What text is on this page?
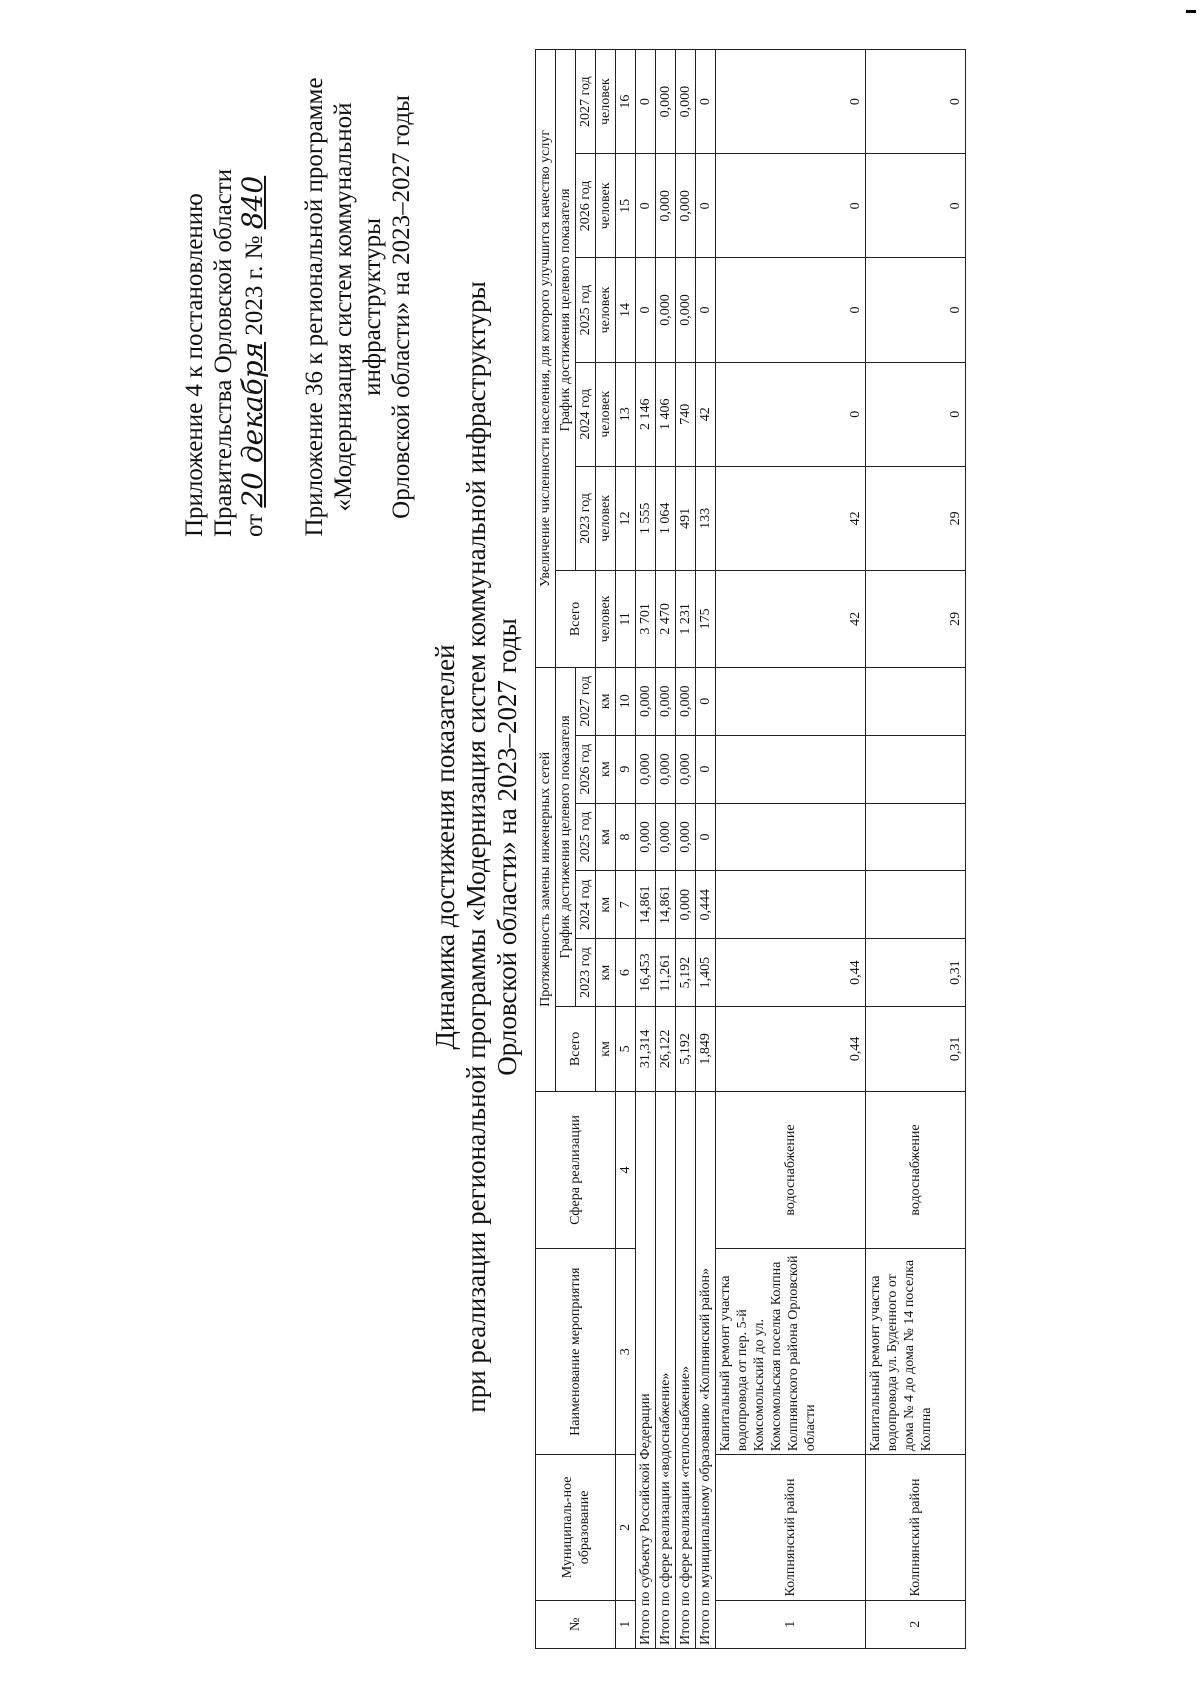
Приложение 4 к постановлению Правительства Орловской области от 20 декабря 2023 г. № 840 Приложение 36 к региональной программе «Модернизация систем коммунальной инфраструктуры Орловской области» на 2023–2027 годы
Динамика достижения показателей при реализации региональной программы «Модернизация систем коммунальной инфраструктуры Орловской области» на 2023–2027 годы
№	Муниципаль-ное образование	Наименование мероприятия	Сфера реализации	Протяженность замены инженерных сетей						Увеличение численности населения, для которого улучшится качество услуг					
				Всего	График достижения целевого показателя					Всего	График достижения целевого показателя				
					2023 год	2024 год	2025 год	2026 год	2027 год		2023 год	2024 год	2025 год	2026 год	2027 год
				км	км	км	км	км	км	человек	человек	человек	человек	человек	человек
1	2	3	4	5	6	7	8	9	10	11	12	13	14	15	16
Итого по субъекту Российской Федерации				31,314	16,453	14,861	0,000	0,000	0,000	3 701	1 555	2 146	0	0	0
Итого по сфере реализации «водоснабжение»				26,122	11,261	14,861	0,000	0,000	0,000	2 470	1 064	1 406	0,000	0,000	0,000
Итого по сфере реализации «теплоснабжение»				5,192	5,192	0,000	0,000	0,000	0,000	1 231	491	740	0,000	0,000	0,000
Итого по муниципальному образованию «Колпнянский район»				1,849	1,405	0,444	0	0	0	175	133	42	0	0	0
1	Колпнянский район	Капитальный ремонт участка водопровода от пер. 5-й Комсомольский до ул. Комсомольская поселка Колпна Колпнянского района Орловской области	водоснабжение	0,44	0,44					42	42	0	0	0	0
2	Колпнянский район	Капитальный ремонт участка водопровода ул. Буденного от дома № 4 до дома № 14 поселка Колпна	водоснабжение	0,31	0,31					29	29	0	0	0	0
